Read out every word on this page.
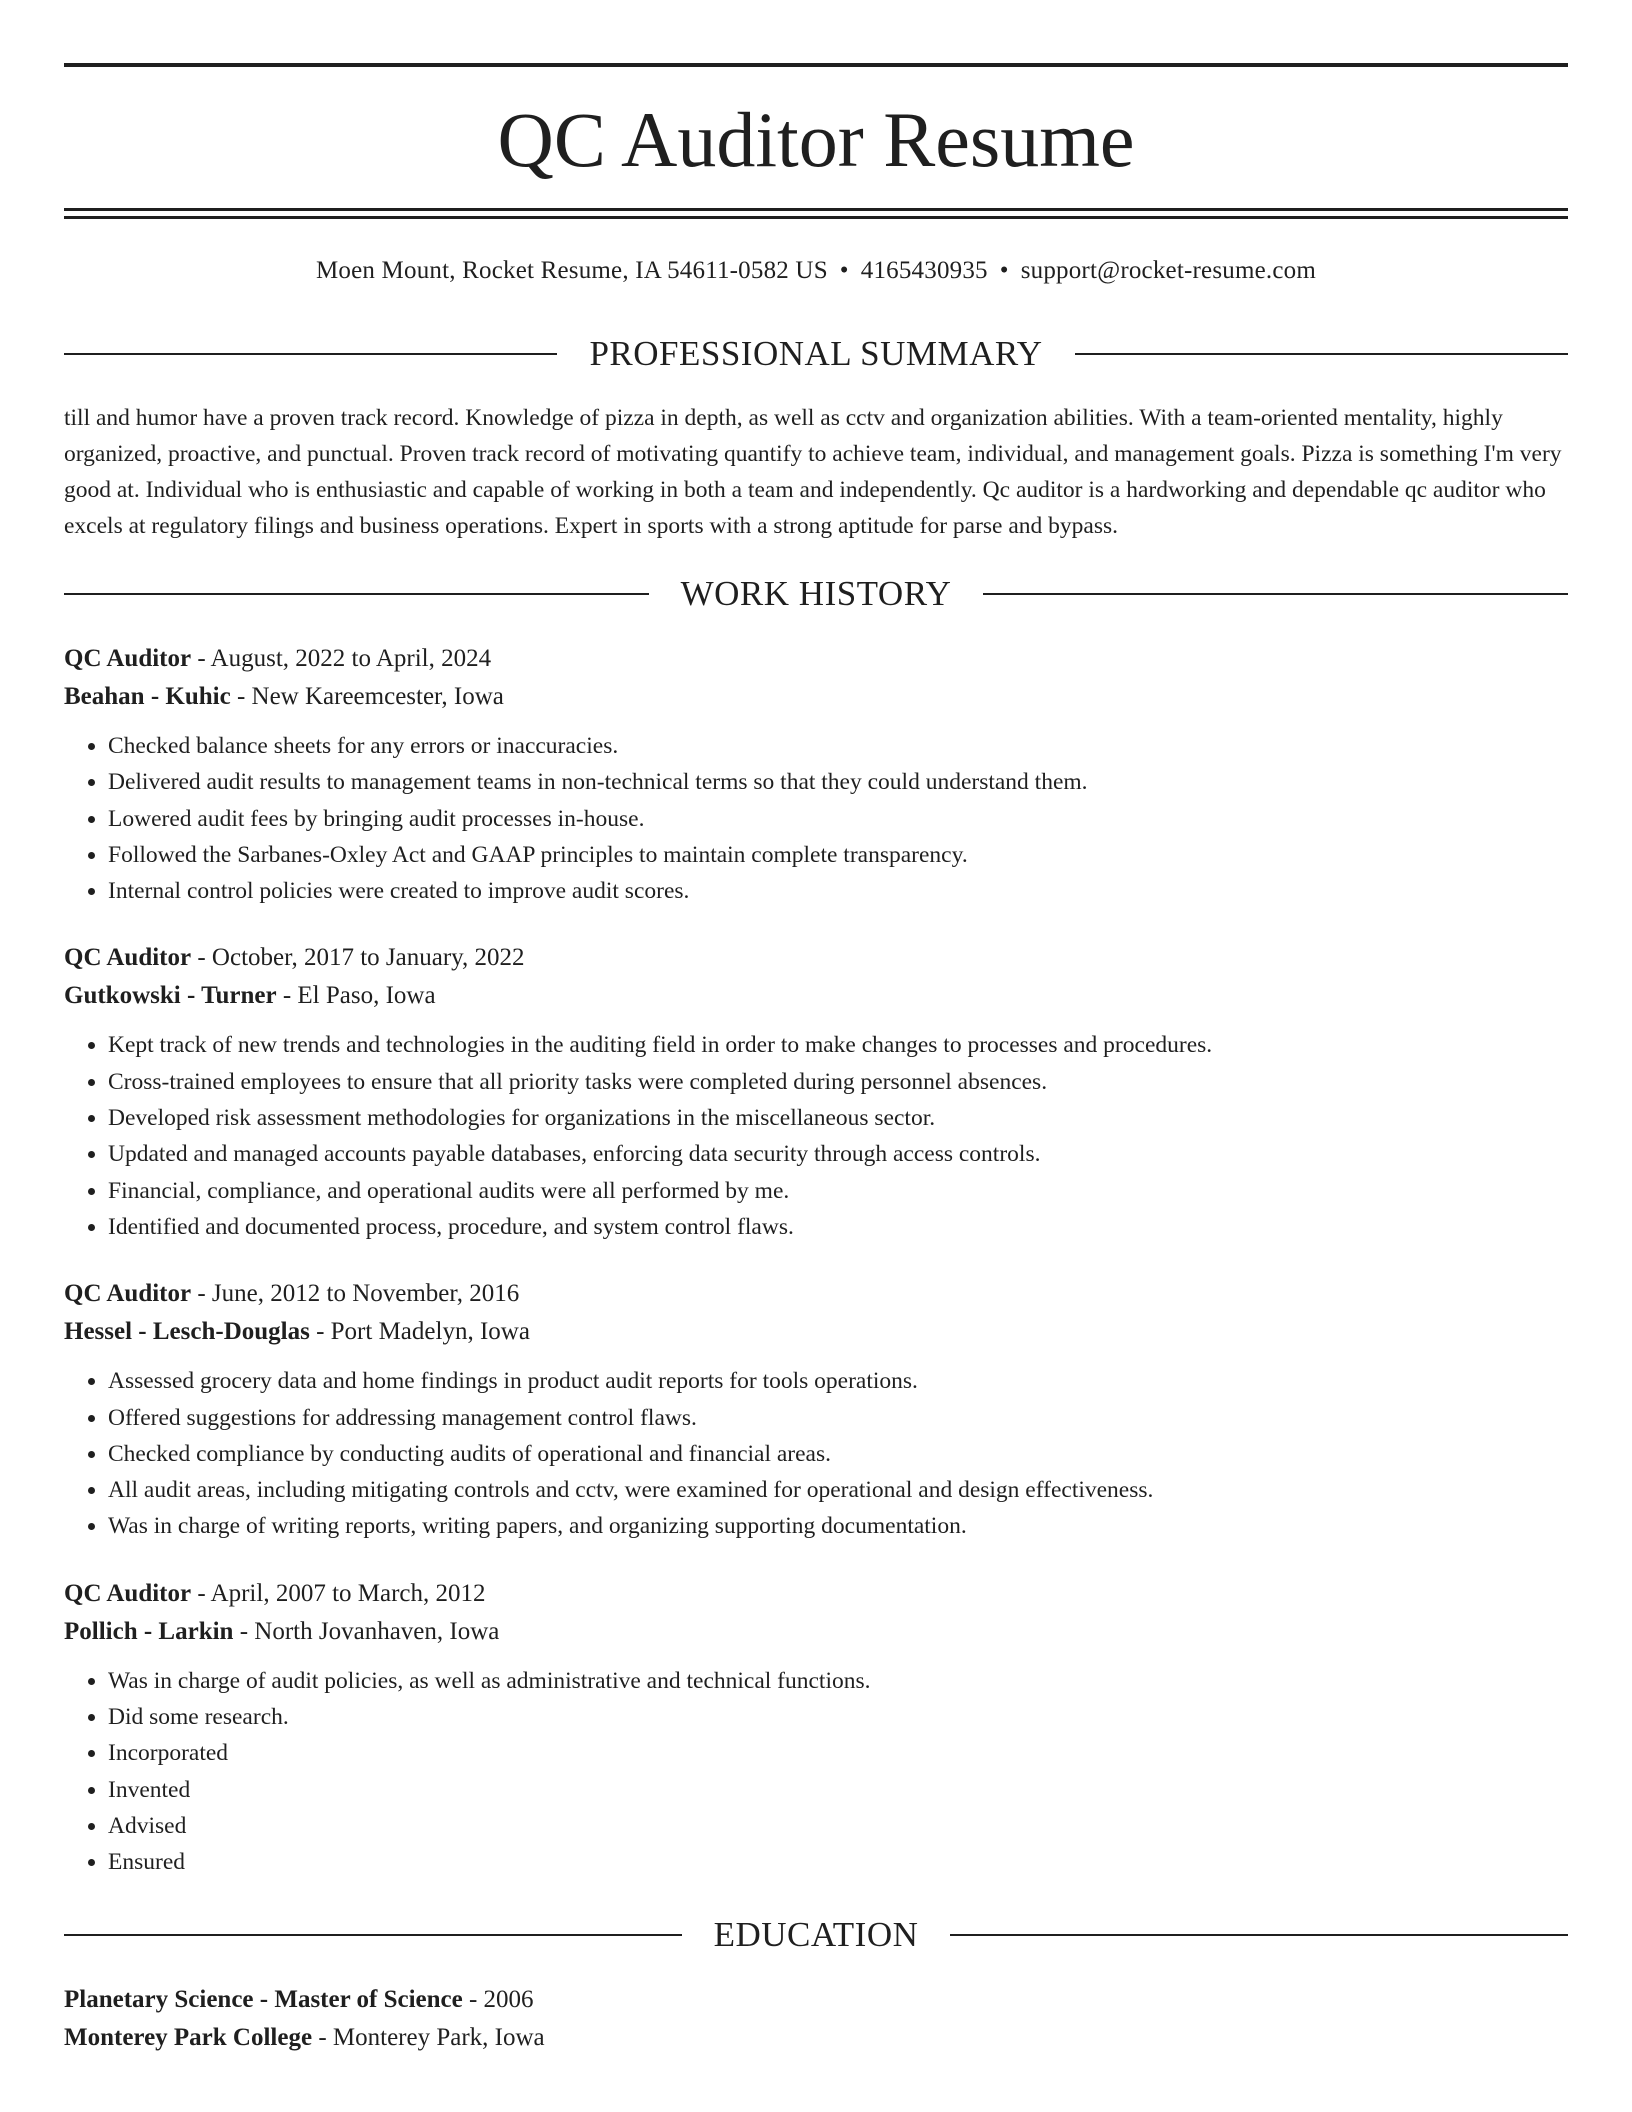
QC Auditor Resume
Moen Mount, Rocket Resume, IA 54611-0582 US • 4165430935 • support@rocket-resume.com
PROFESSIONAL SUMMARY

till and humor have a proven track record. Knowledge of pizza in depth, as well as cctv and organization abilities. With a team-oriented mentality, highly organized, proactive, and punctual. Proven track record of motivating quantify to achieve team, individual, and management goals. Pizza is something I'm very good at. Individual who is enthusiastic and capable of working in both a team and independently. Qc auditor is a hardworking and dependable qc auditor who excels at regulatory filings and business operations. Expert in sports with a strong aptitude for parse and bypass.

WORK HISTORY
QC Auditor - August, 2022 to April, 2024
Beahan - Kuhic - New Kareemcester, Iowa
• Checked balance sheets for any errors or inaccuracies.
• Delivered audit results to management teams in non-technical terms so that they could understand them.
• Lowered audit fees by bringing audit processes in-house.
• Followed the Sarbanes-Oxley Act and GAAP principles to maintain complete transparency.
• Internal control policies were created to improve audit scores.
QC Auditor - October, 2017 to January, 2022
Gutkowski - Turner - El Paso, Iowa
• Kept track of new trends and technologies in the auditing field in order to make changes to processes and procedures.
• Cross-trained employees to ensure that all priority tasks were completed during personnel absences.
• Developed risk assessment methodologies for organizations in the miscellaneous sector.
• Updated and managed accounts payable databases, enforcing data security through access controls.
• Financial, compliance, and operational audits were all performed by me.
• Identified and documented process, procedure, and system control flaws.
QC Auditor - June, 2012 to November, 2016
Hessel - Lesch-Douglas - Port Madelyn, Iowa
• Assessed grocery data and home findings in product audit reports for tools operations.
• Offered suggestions for addressing management control flaws.
• Checked compliance by conducting audits of operational and financial areas.
• All audit areas, including mitigating controls and cctv, were examined for operational and design effectiveness.
• Was in charge of writing reports, writing papers, and organizing supporting documentation.
QC Auditor - April, 2007 to March, 2012
Pollich - Larkin - North Jovanhaven, Iowa
• Was in charge of audit policies, as well as administrative and technical functions.
• Did some research.
• Incorporated
• Invented
• Advised
• Ensured
EDUCATION
Planetary Science - Master of Science - 2006
Monterey Park College - Monterey Park, Iowa
